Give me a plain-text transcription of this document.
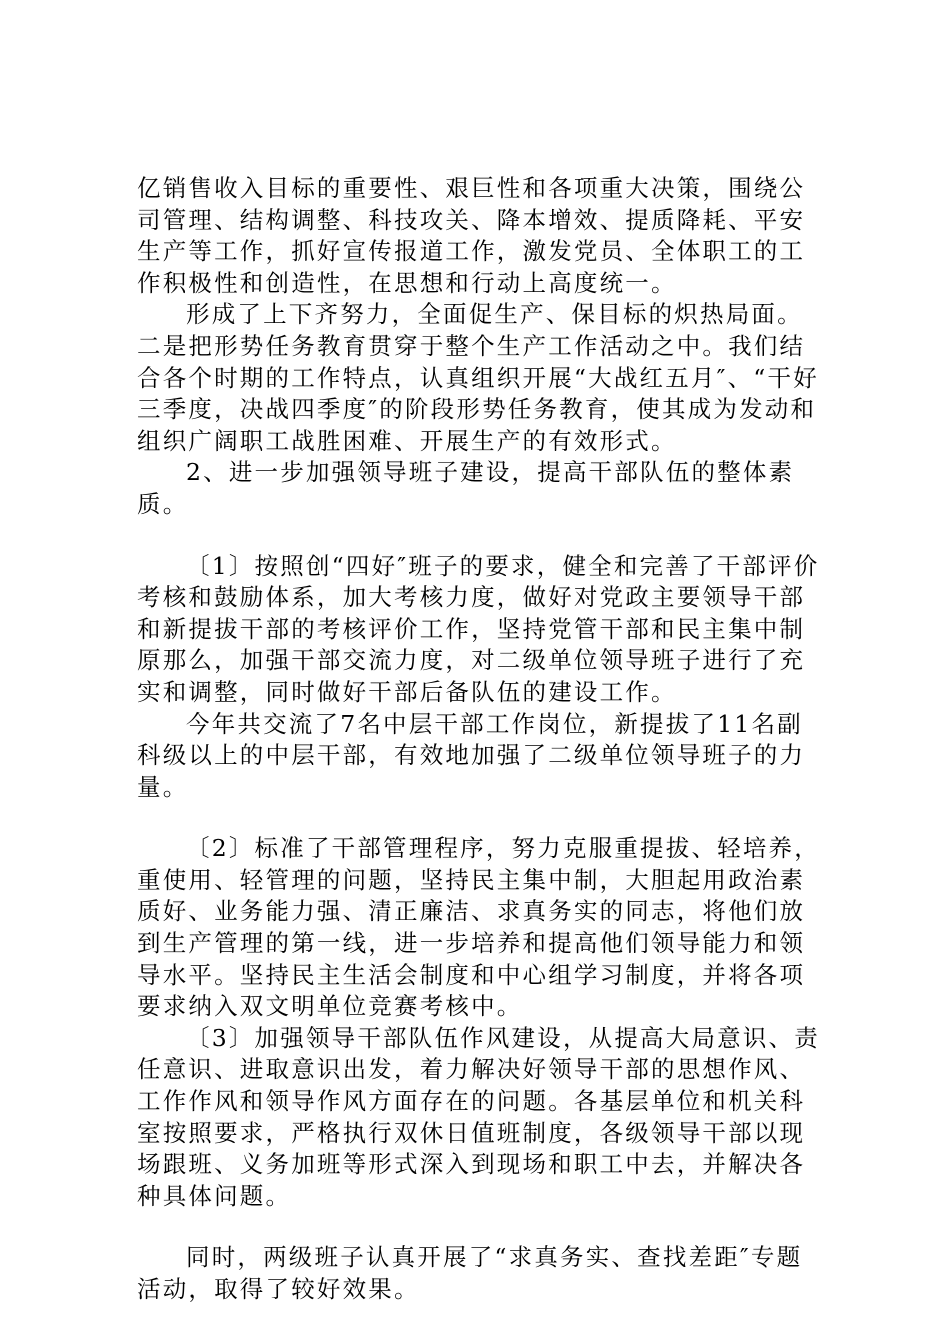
亿销售收入目标的重要性、艰巨性和各项重大决策，围绕公司管理、结构调整、科技攻关、降本增效、提质降耗、平安生产等工作，抓好宣传报道工作，激发党员、全体职工的工作积极性和创造性，在思想和行动上高度统一。

形成了上下齐努力，全面促生产、保目标的炽热局面。二是把形势任务教育贯穿于整个生产工作活动之中。我们结合各个时期的工作特点，认真组织开展“大战红五月″、“干好三季度，决战四季度″的阶段形势任务教育，使其成为发动和组织广阔职工战胜困难、开展生产的有效形式。

2、进一步加强领导班子建设，提高干部队伍的整体素质。

〔1〕按照创“四好″班子的要求，健全和完善了干部评价考核和鼓励体系，加大考核力度，做好对党政主要领导干部和新提拔干部的考核评价工作，坚持党管干部和民主集中制原那么，加强干部交流力度，对二级单位领导班子进行了充实和调整，同时做好干部后备队伍的建设工作。

今年共交流了7名中层干部工作岗位，新提拔了11名副科级以上的中层干部，有效地加强了二级单位领导班子的力量。

〔2〕标准了干部管理程序，努力克服重提拔、轻培养，重使用、轻管理的问题，坚持民主集中制，大胆起用政治素质好、业务能力强、清正廉洁、求真务实的同志，将他们放到生产管理的第一线，进一步培养和提高他们领导能力和领导水平。坚持民主生活会制度和中心组学习制度，并将各项要求纳入双文明单位竞赛考核中。

〔3〕加强领导干部队伍作风建设，从提高大局意识、责任意识、进取意识出发，着力解决好领导干部的思想作风、工作作风和领导作风方面存在的问题。各基层单位和机关科室按照要求，严格执行双休日值班制度，各级领导干部以现场跟班、义务加班等形式深入到现场和职工中去，并解决各种具体问题。

同时，两级班子认真开展了“求真务实、查找差距″专题活动，取得了较好效果。
